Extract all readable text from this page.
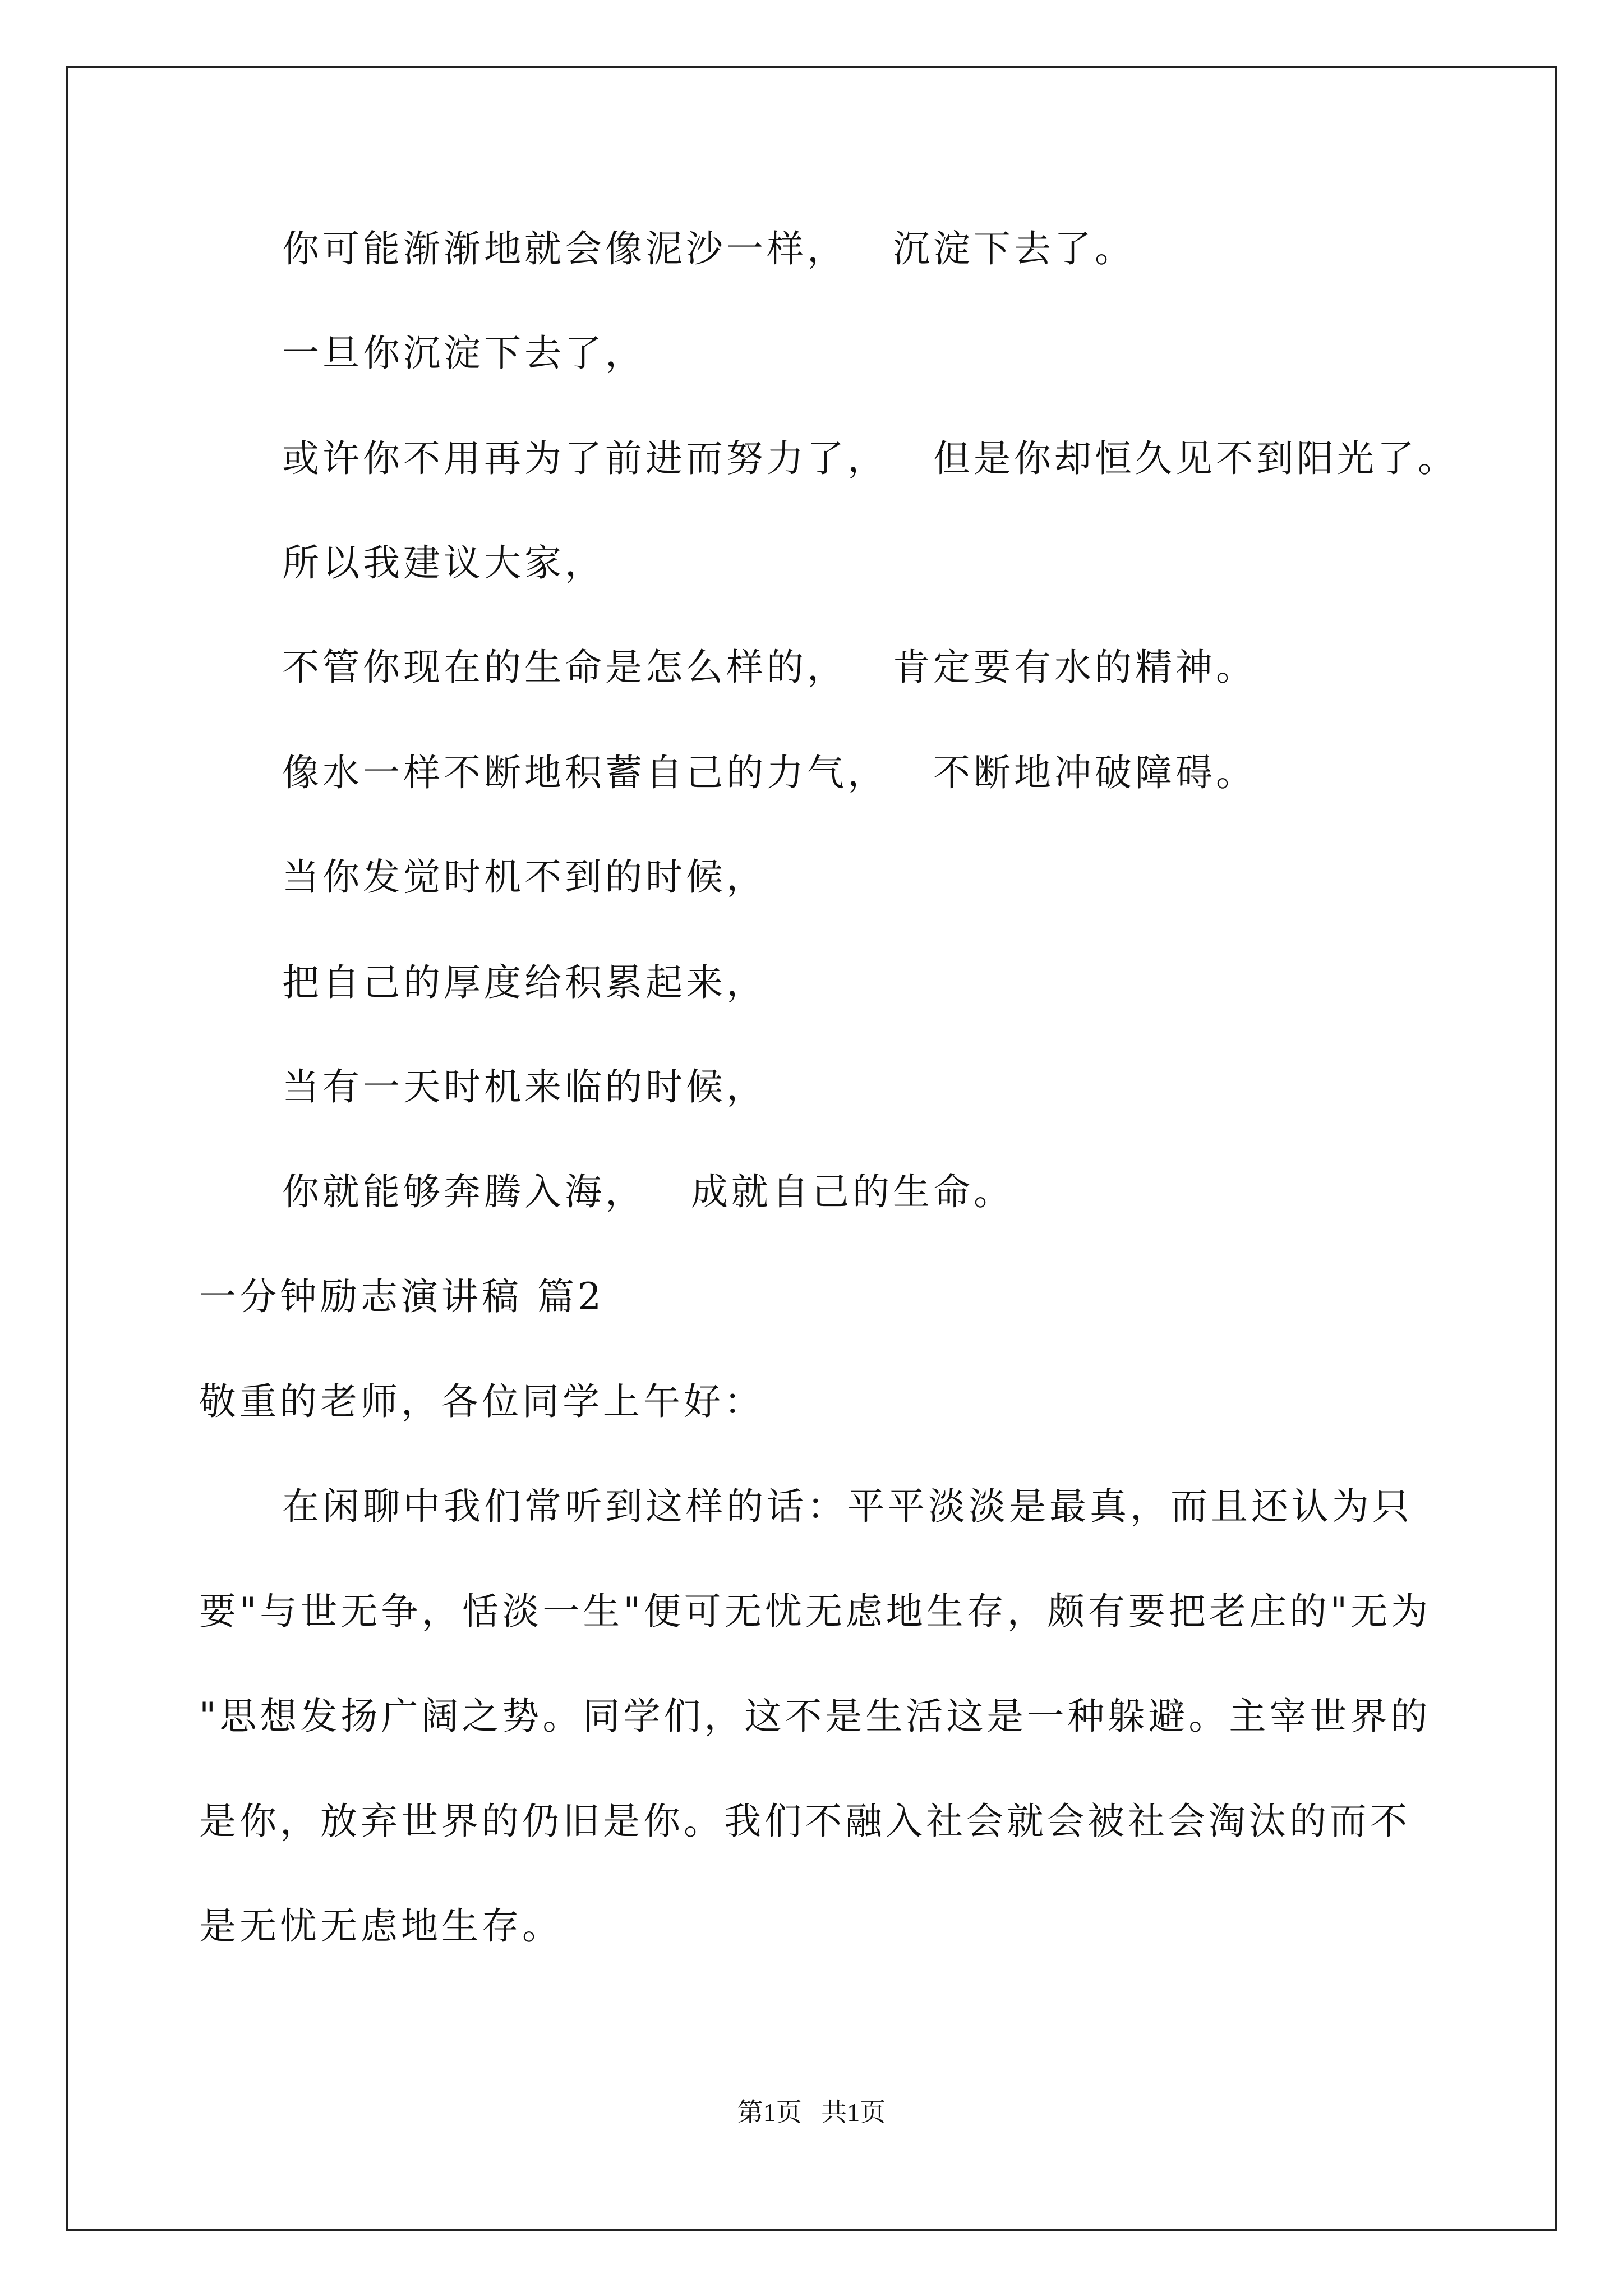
你可能渐渐地就会像泥沙一样，   沉淀下去了。
一旦你沉淀下去了，
或许你不用再为了前进而努力了，   但是你却恒久见不到阳光了。
所以我建议大家，
不管你现在的生命是怎么样的，   肯定要有水的精神。
像水一样不断地积蓄自己的力气，   不断地冲破障碍。
当你发觉时机不到的时候，
把自己的厚度给积累起来，
当有一天时机来临的时候，
你就能够奔腾入海，   成就自己的生命。
一分钟励志演讲稿 篇2
敬重的老师，各位同学上午好：
在闲聊中我们常听到这样的话：平平淡淡是最真，而且还认为只
要"与世无争，恬淡一生"便可无忧无虑地生存，颇有要把老庄的"无为
"思想发扬广阔之势。同学们，这不是生活这是一种躲避。主宰世界的
是你，放弃世界的仍旧是你。我们不融入社会就会被社会淘汰的而不
是无忧无虑地生存。
第1页   共1页
